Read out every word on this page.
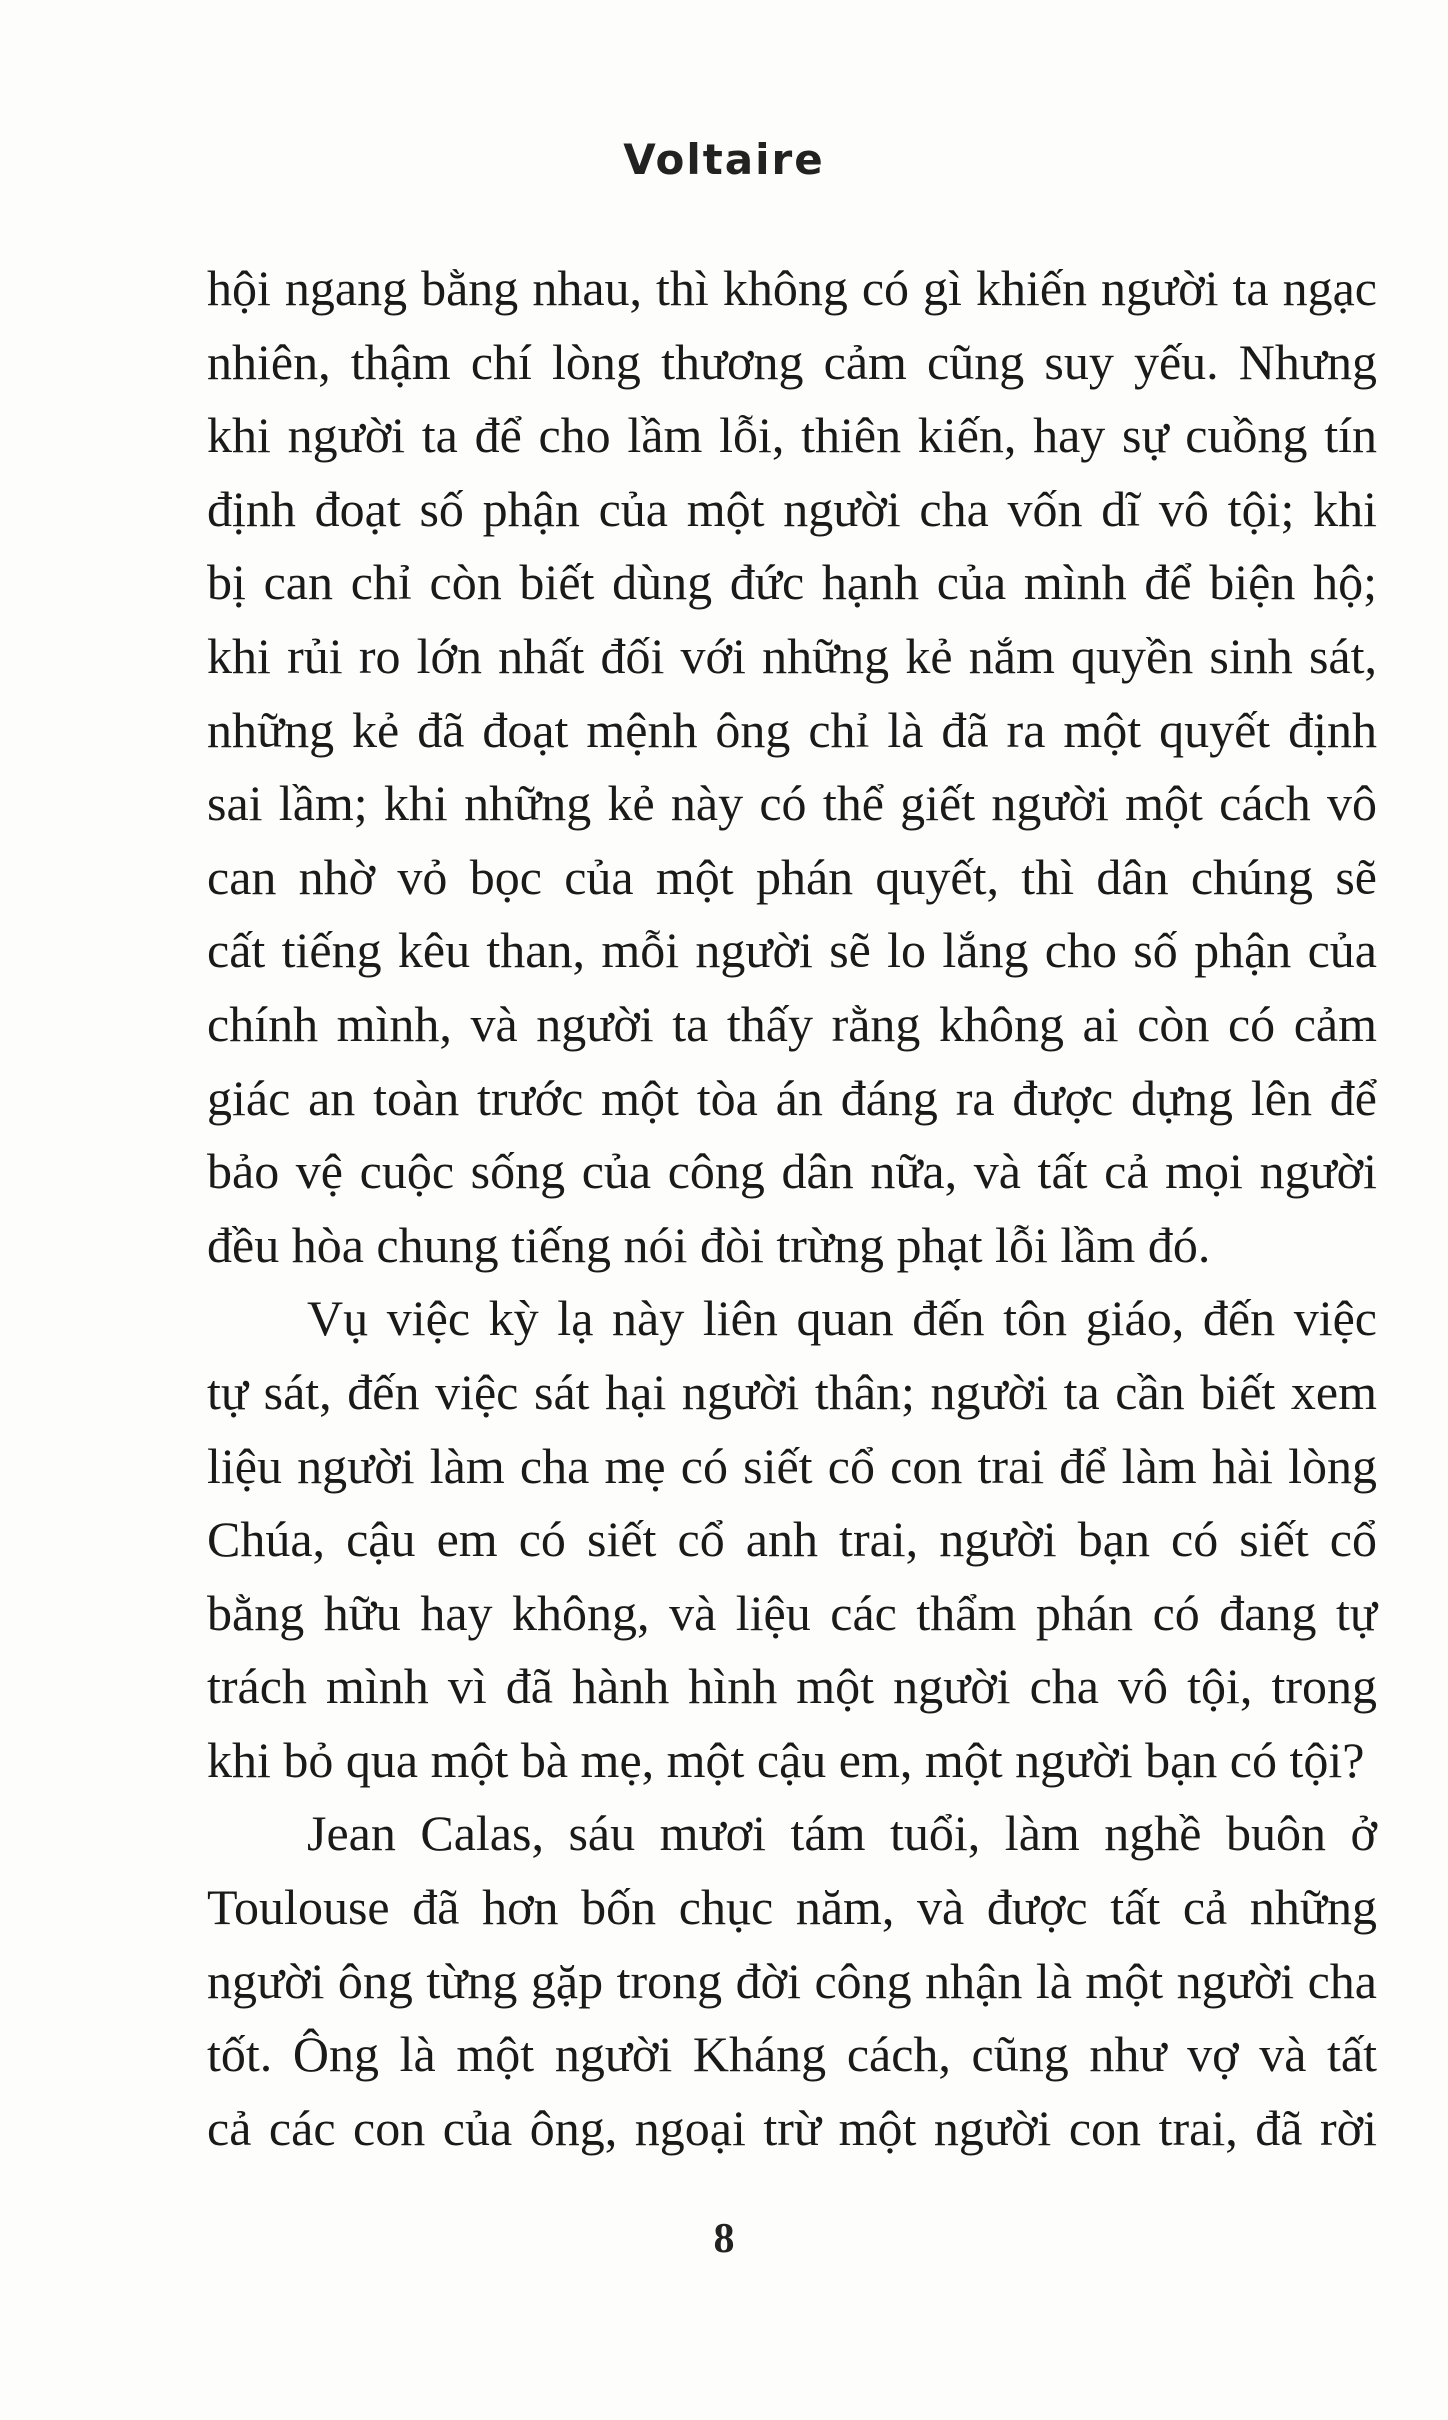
Voltaire
hội ngang bằng nhau, thì không có gì khiến người ta ngạc
nhiên, thậm chí lòng thương cảm cũng suy yếu. Nhưng
khi người ta để cho lầm lỗi, thiên kiến, hay sự cuồng tín
định đoạt số phận của một người cha vốn dĩ vô tội; khi
bị can chỉ còn biết dùng đức hạnh của mình để biện hộ;
khi rủi ro lớn nhất đối với những kẻ nắm quyền sinh sát,
những kẻ đã đoạt mệnh ông chỉ là đã ra một quyết định
sai lầm; khi những kẻ này có thể giết người một cách vô
can nhờ vỏ bọc của một phán quyết, thì dân chúng sẽ
cất tiếng kêu than, mỗi người sẽ lo lắng cho số phận của
chính mình, và người ta thấy rằng không ai còn có cảm
giác an toàn trước một tòa án đáng ra được dựng lên để
bảo vệ cuộc sống của công dân nữa, và tất cả mọi người
đều hòa chung tiếng nói đòi trừng phạt lỗi lầm đó.
Vụ việc kỳ lạ này liên quan đến tôn giáo, đến việc
tự sát, đến việc sát hại người thân; người ta cần biết xem
liệu người làm cha mẹ có siết cổ con trai để làm hài lòng
Chúa, cậu em có siết cổ anh trai, người bạn có siết cổ
bằng hữu hay không, và liệu các thẩm phán có đang tự
trách mình vì đã hành hình một người cha vô tội, trong
khi bỏ qua một bà mẹ, một cậu em, một người bạn có tội?
Jean Calas, sáu mươi tám tuổi, làm nghề buôn ở
Toulouse đã hơn bốn chục năm, và được tất cả những
người ông từng gặp trong đời công nhận là một người cha
tốt. Ông là một người Kháng cách, cũng như vợ và tất
cả các con của ông, ngoại trừ một người con trai, đã rời
8
